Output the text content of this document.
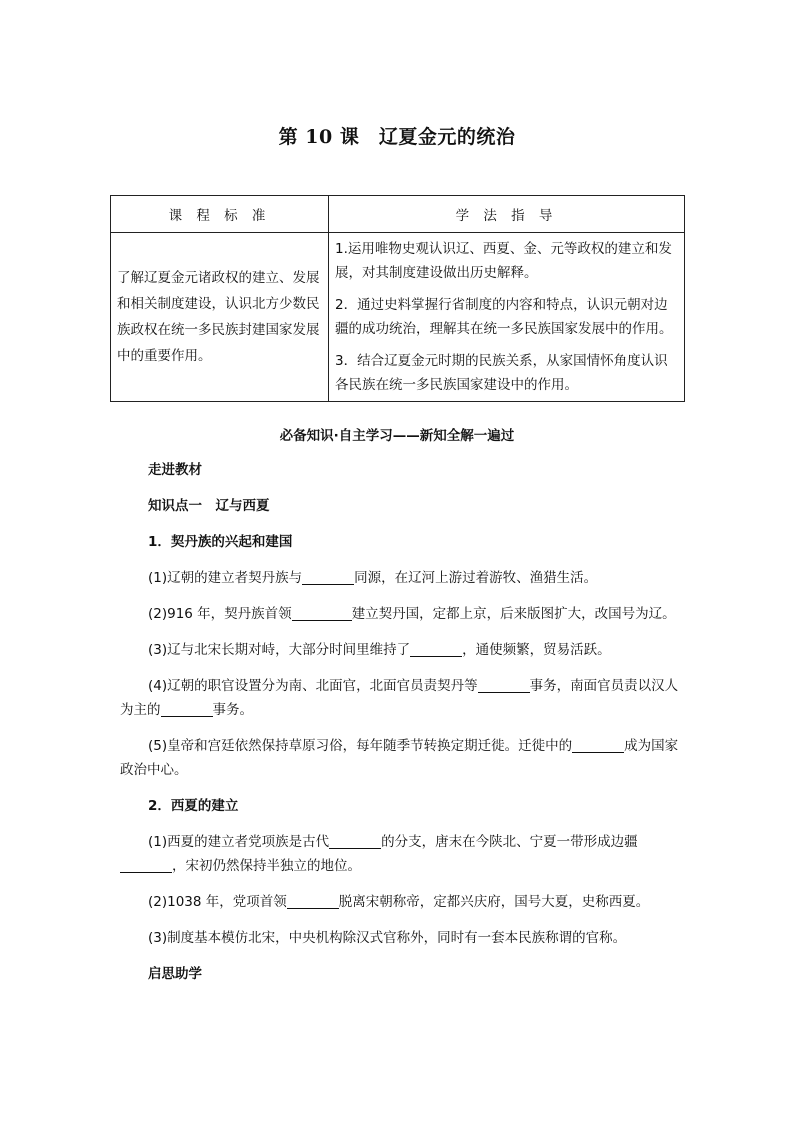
第 10 课　辽夏金元的统治
课 程 标 准	学 法 指 导
了解辽夏金元诸政权的建立、发展和相关制度建设，认识北方少数民族政权在统一多民族封建国家发展中的重要作用。	1.运用唯物史观认识辽、西夏、金、元等政权的建立和发展，对其制度建设做出历史解释。

2．通过史料掌握行省制度的内容和特点，认识元朝对边疆的成功统治，理解其在统一多民族国家发展中的作用。

3．结合辽夏金元时期的民族关系，从家国情怀角度认识各民族在统一多民族国家建设中的作用。

必备知识·自主学习——新知全解一遍过

走进教材

知识点一　辽与西夏

1．契丹族的兴起和建国

(1)辽朝的建立者契丹族与	同源，在辽河上游过着游牧、渔猎生活。

(2)916 年，契丹族首领	建立契丹国，定都上京，后来版图扩大，改国号为辽。

(3)辽与北宋长期对峙，大部分时间里维持了	，通使频繁，贸易活跃。

(4)辽朝的职官设置分为南、北面官，北面官员责契丹等	事务，南面官员责以汉人为主的	事务。

(5)皇帝和宫廷依然保持草原习俗，每年随季节转换定期迁徙。迁徙中的	成为国家政治中心。

2．西夏的建立

(1)西夏的建立者党项族是古代	的分支，唐末在今陕北、宁夏一带形成边疆，宋初仍然保持半独立的地位。

(2)1038 年，党项首领	脱离宋朝称帝，定都兴庆府，国号大夏，史称西夏。

(3)制度基本模仿北宋，中央机构除汉式官称外，同时有一套本民族称谓的官称。

启思助学
